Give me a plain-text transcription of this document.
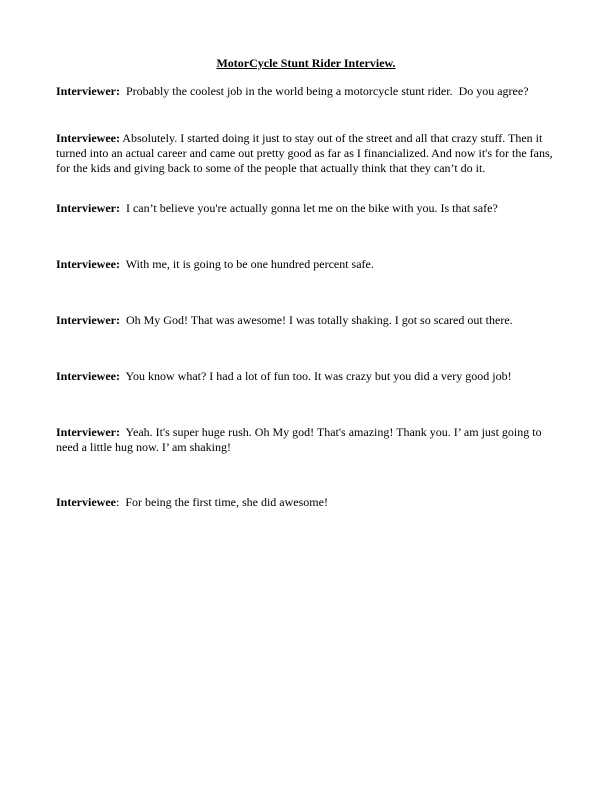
MotorCycle Stunt Rider Interview.

Interviewer:  Probably the coolest job in the world being a motorcycle stunt rider.  Do you agree?

Interviewee: Absolutely. I started doing it just to stay out of the street and all that crazy stuff. Then it turned into an actual career and came out pretty good as far as I financialized. And now it's for the fans, for the kids and giving back to some of the people that actually think that they can’t do it.

Interviewer:  I can’t believe you're actually gonna let me on the bike with you. Is that safe?

Interviewee:  With me, it is going to be one hundred percent safe.

Interviewer:  Oh My God! That was awesome! I was totally shaking. I got so scared out there.

Interviewee:  You know what? I had a lot of fun too. It was crazy but you did a very good job!

Interviewer:  Yeah. It's super huge rush. Oh My god! That's amazing! Thank you. I’ am just going to need a little hug now. I’ am shaking!

Interviewee:  For being the first time, she did awesome!
